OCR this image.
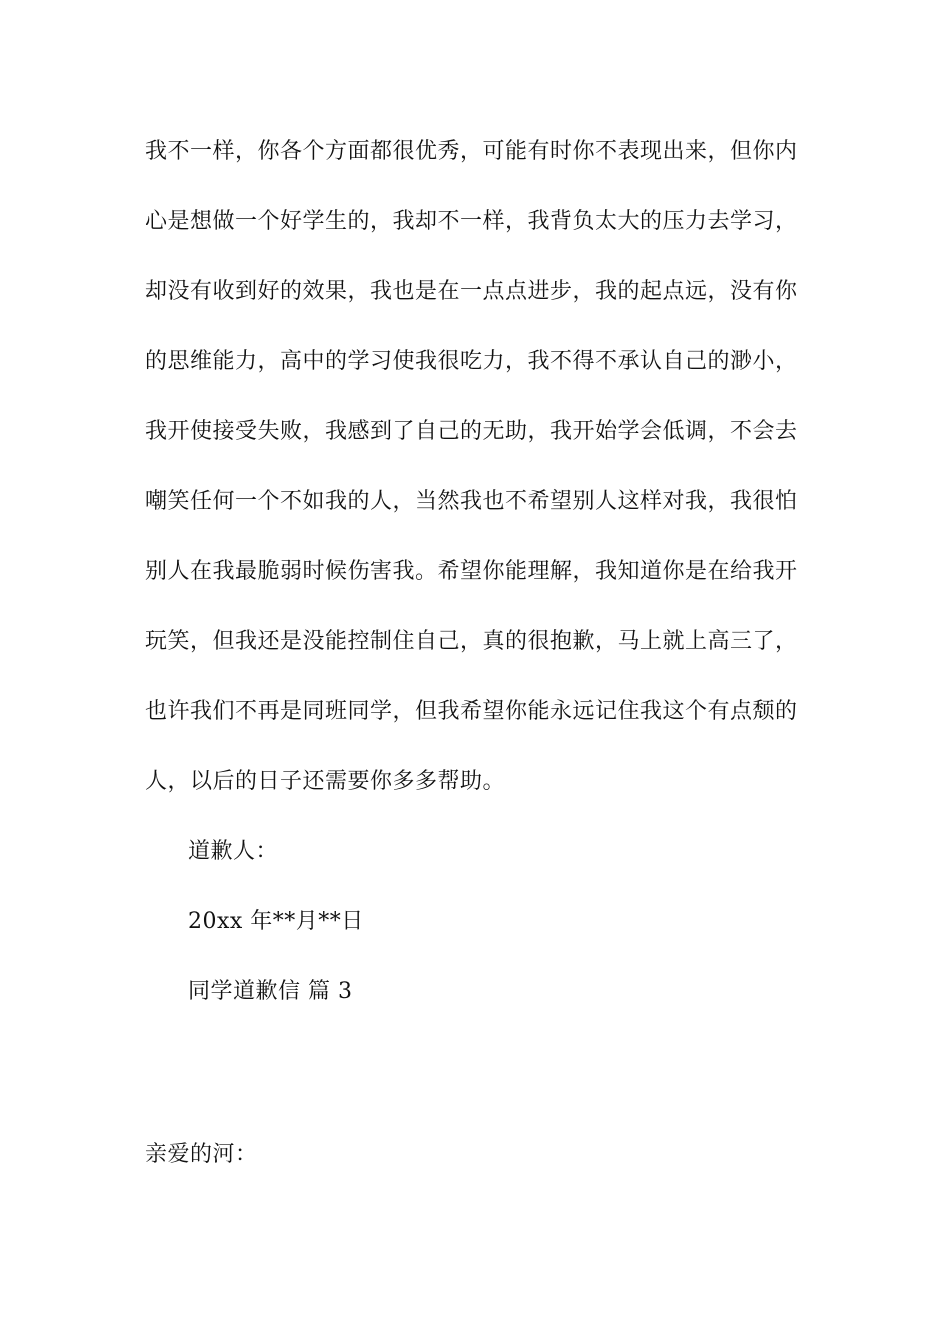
我不一样，你各个方面都很优秀，可能有时你不表现出来，但你内
心是想做一个好学生的，我却不一样，我背负太大的压力去学习，
却没有收到好的效果，我也是在一点点进步，我的起点远，没有你
的思维能力，高中的学习使我很吃力，我不得不承认自己的渺小，
我开使接受失败，我感到了自己的无助，我开始学会低调，不会去
嘲笑任何一个不如我的人，当然我也不希望别人这样对我，我很怕
别人在我最脆弱时候伤害我。希望你能理解，我知道你是在给我开
玩笑，但我还是没能控制住自己，真的很抱歉，马上就上高三了，
也许我们不再是同班同学，但我希望你能永远记住我这个有点颓的
人，以后的日子还需要你多多帮助。
道歉人：
20xx 年**月**日
同学道歉信 篇 3
亲爱的河：
